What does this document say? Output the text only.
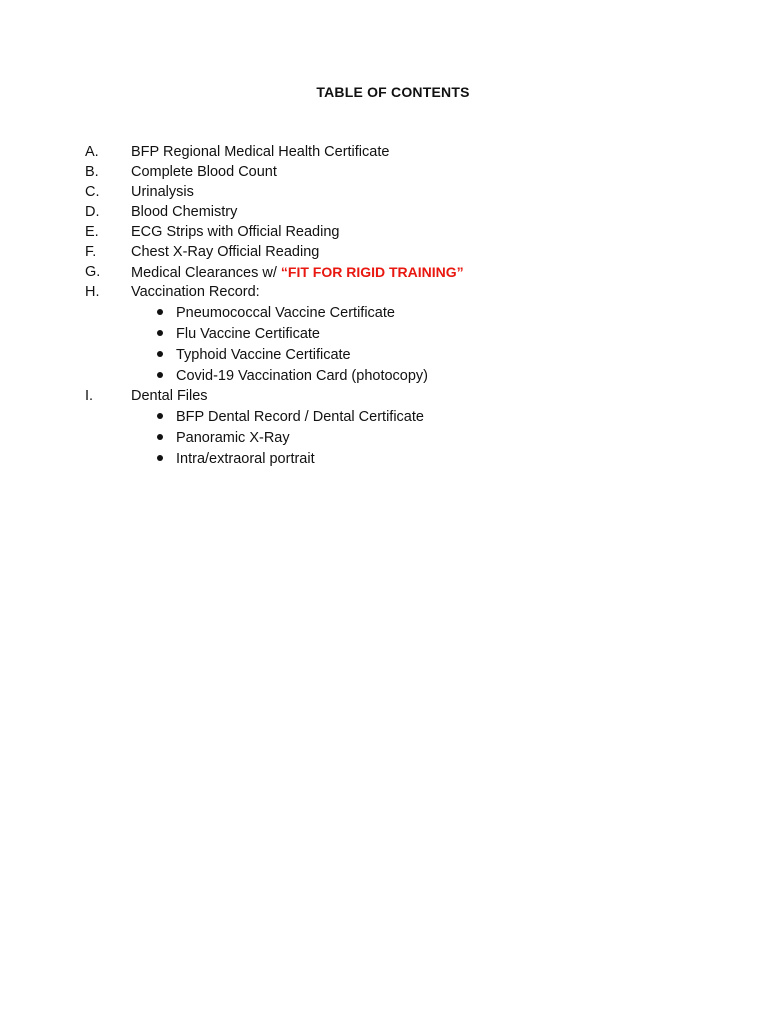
TABLE OF CONTENTS
A.	BFP Regional Medical Health Certificate
B.	Complete Blood Count
C.	Urinalysis
D.	Blood Chemistry
E.	ECG Strips with Official Reading
F.	Chest X-Ray Official Reading
G.	Medical Clearances w/ “FIT FOR RIGID TRAINING”
H.	Vaccination Record:
Pneumococcal Vaccine Certificate
Flu Vaccine Certificate
Typhoid Vaccine Certificate
Covid-19 Vaccination Card (photocopy)
I.	Dental Files
BFP Dental Record / Dental Certificate
Panoramic X-Ray
Intra/extraoral portrait
